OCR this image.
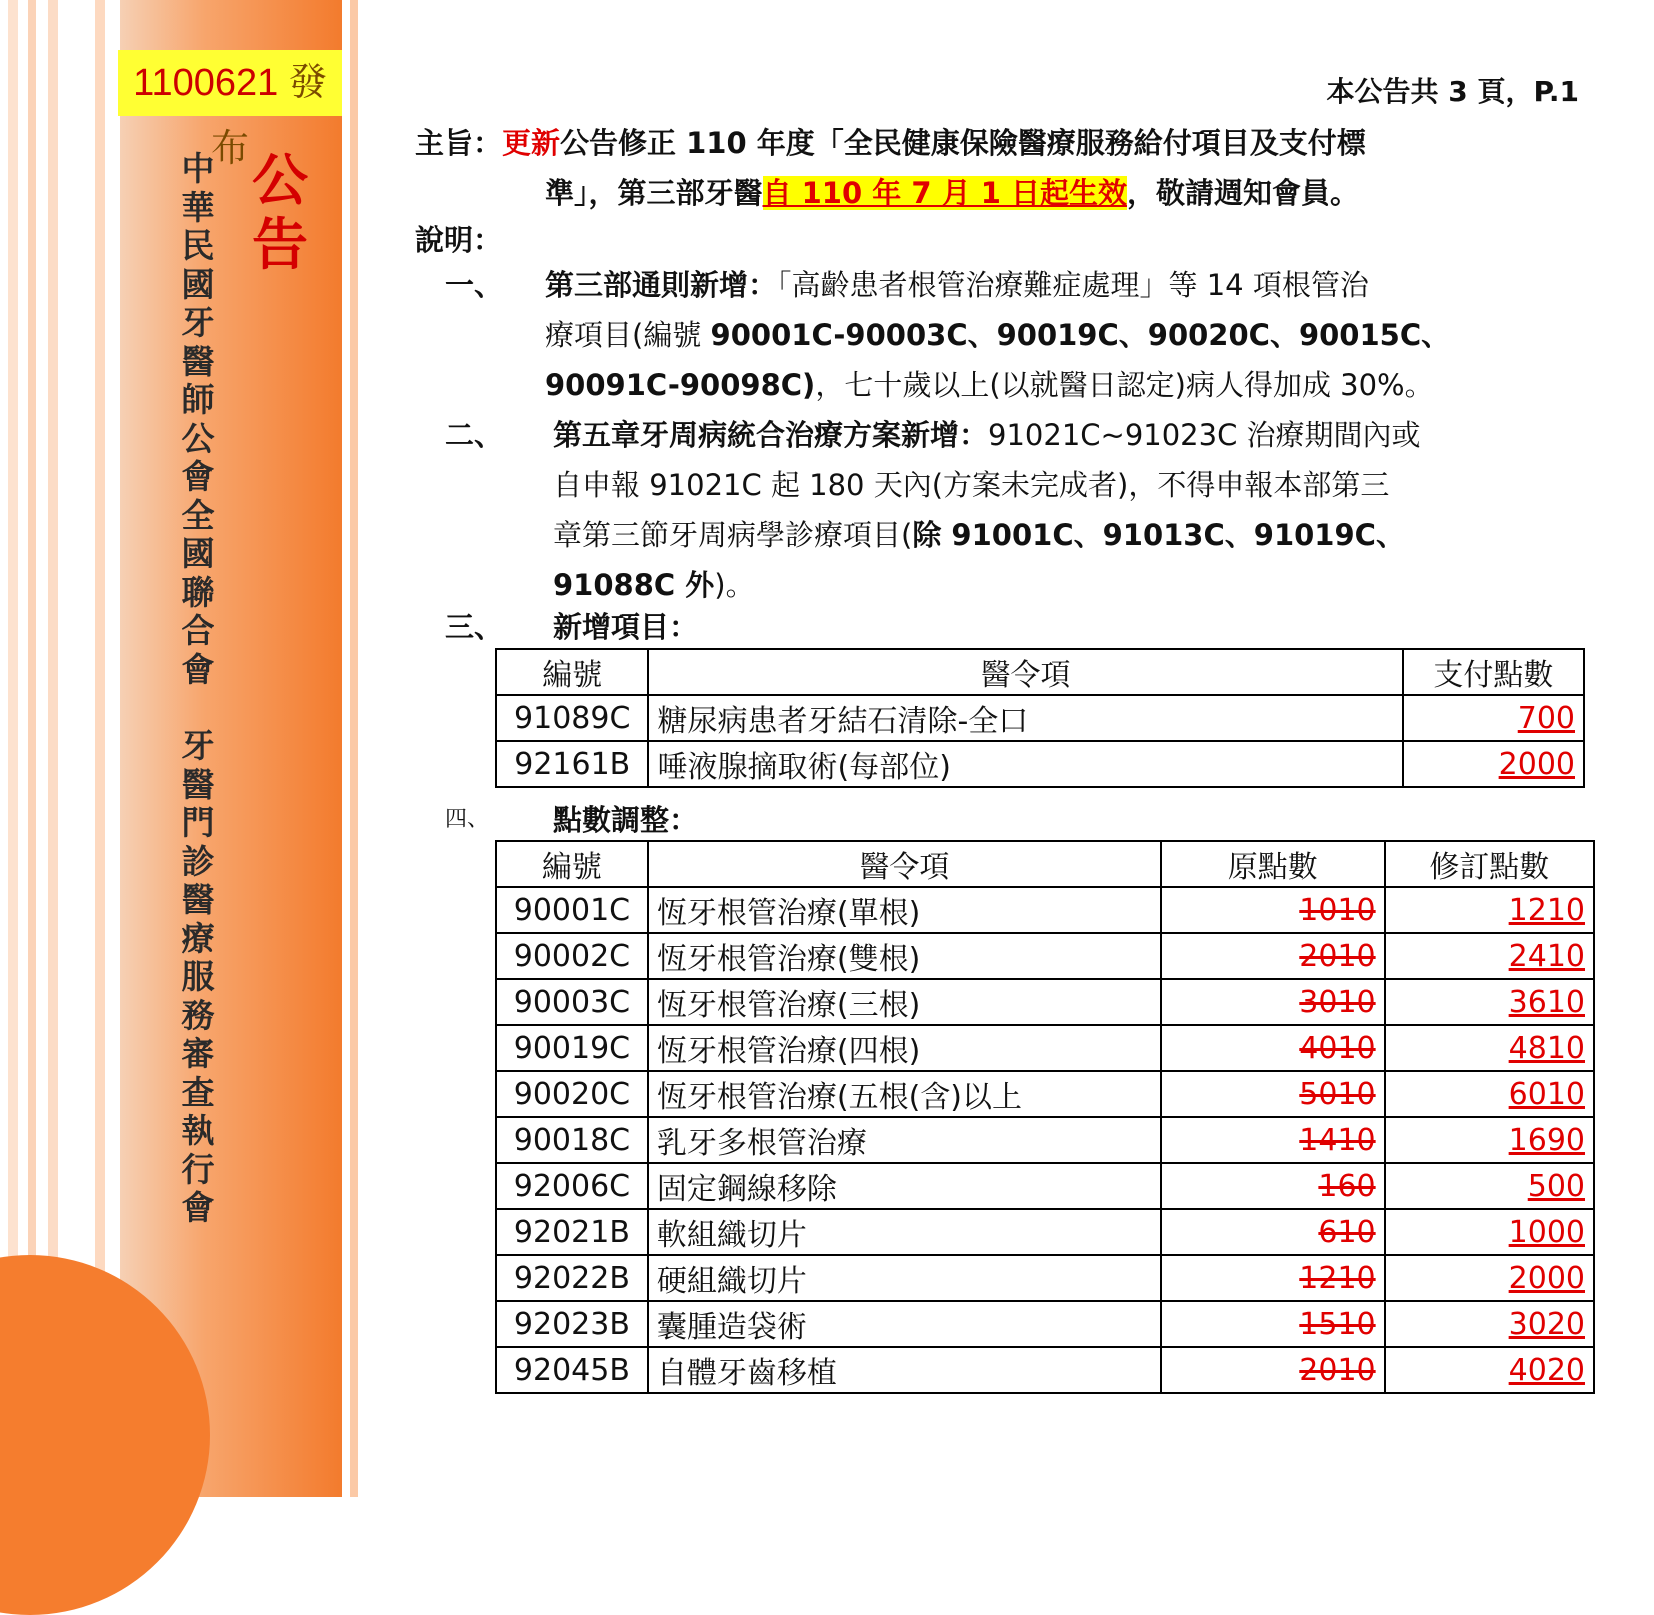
1100621 發布 公告
中
華
民
國
牙
醫
師
公
會
全
國
聯
合
會
牙
醫
門
診
醫
療
服
務
審
查
執
行
會
本公告共 3 頁，P.1
主旨：更新公告修正 110 年度「全民健康保險醫療服務給付項目及支付標
準」，第三部牙醫自 110 年 7 月 1 日起生效，敬請週知會員。
說明：
一、 第三部通則新增：「高齡患者根管治療難症處理」等 14 項根管治
療項目(編號 90001C-90003C、90019C、90020C、90015C、
90091C-90098C)，七十歲以上(以就醫日認定)病人得加成 30%。
二、 第五章牙周病統合治療方案新增：91021C~91023C 治療期間內或
自申報 91021C 起 180 天內(方案未完成者)，不得申報本部第三
章第三節牙周病學診療項目(除 91001C、91013C、91019C、
91088C 外)。
三、 新增項目：
編號	醫令項	支付點數
91089C	糖尿病患者牙結石清除-全口	700
92161B	唾液腺摘取術(每部位)	2000
四、 點數調整：
編號	醫令項	原點數	修訂點數
90001C	恆牙根管治療(單根)	1010	1210
90002C	恆牙根管治療(雙根)	2010	2410
90003C	恆牙根管治療(三根)	3010	3610
90019C	恆牙根管治療(四根)	4010	4810
90020C	恆牙根管治療(五根(含)以上	5010	6010
90018C	乳牙多根管治療	1410	1690
92006C	固定鋼線移除	160	500
92021B	軟組織切片	610	1000
92022B	硬組織切片	1210	2000
92023B	囊腫造袋術	1510	3020
92045B	自體牙齒移植	2010	4020
